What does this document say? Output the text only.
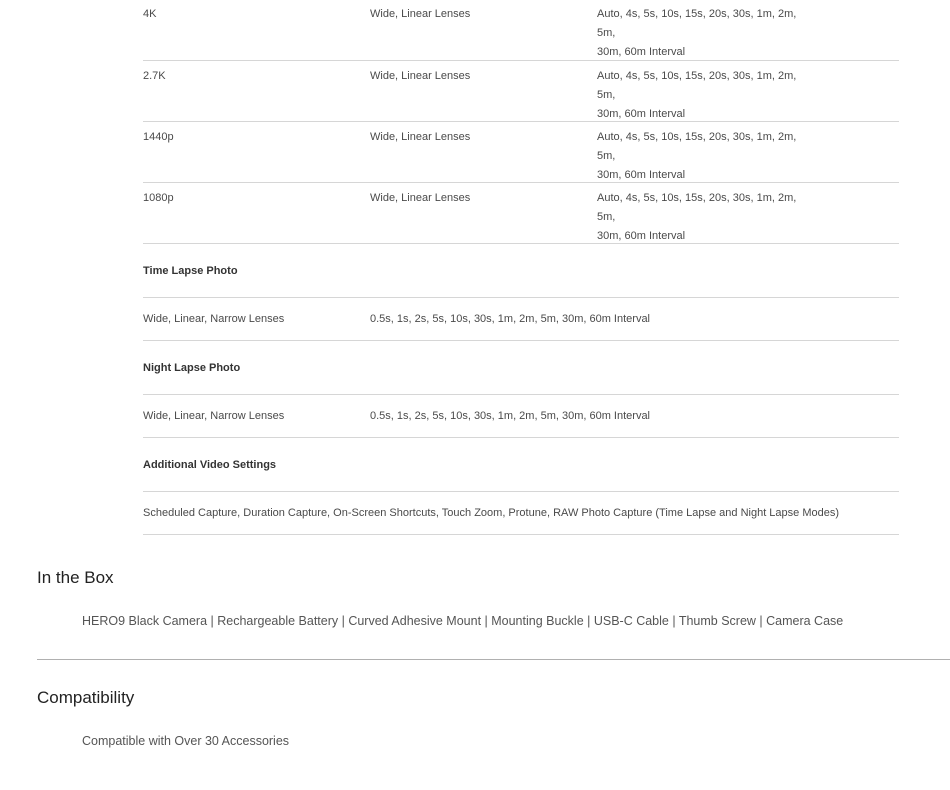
4K	Wide, Linear Lenses	Auto, 4s, 5s, 10s, 15s, 20s, 30s, 1m, 2m, 5m,
30m, 60m Interval
2.7K	Wide, Linear Lenses	Auto, 4s, 5s, 10s, 15s, 20s, 30s, 1m, 2m, 5m,
30m, 60m Interval
1440p	Wide, Linear Lenses	Auto, 4s, 5s, 10s, 15s, 20s, 30s, 1m, 2m, 5m,
30m, 60m Interval
1080p	Wide, Linear Lenses	Auto, 4s, 5s, 10s, 15s, 20s, 30s, 1m, 2m, 5m,
30m, 60m Interval
Time Lapse Photo
Wide, Linear, Narrow Lenses	0.5s, 1s, 2s, 5s, 10s, 30s, 1m, 2m, 5m, 30m, 60m Interval
Night Lapse Photo
Wide, Linear, Narrow Lenses	0.5s, 1s, 2s, 5s, 10s, 30s, 1m, 2m, 5m, 30m, 60m Interval
Additional Video Settings
Scheduled Capture, Duration Capture, On-Screen Shortcuts, Touch Zoom, Protune, RAW Photo Capture (Time Lapse and Night Lapse Modes)
In the Box
HERO9 Black Camera | Rechargeable Battery | Curved Adhesive Mount | Mounting Buckle | USB-C Cable | Thumb Screw | Camera Case
Compatibility
Compatible with Over 30 Accessories
